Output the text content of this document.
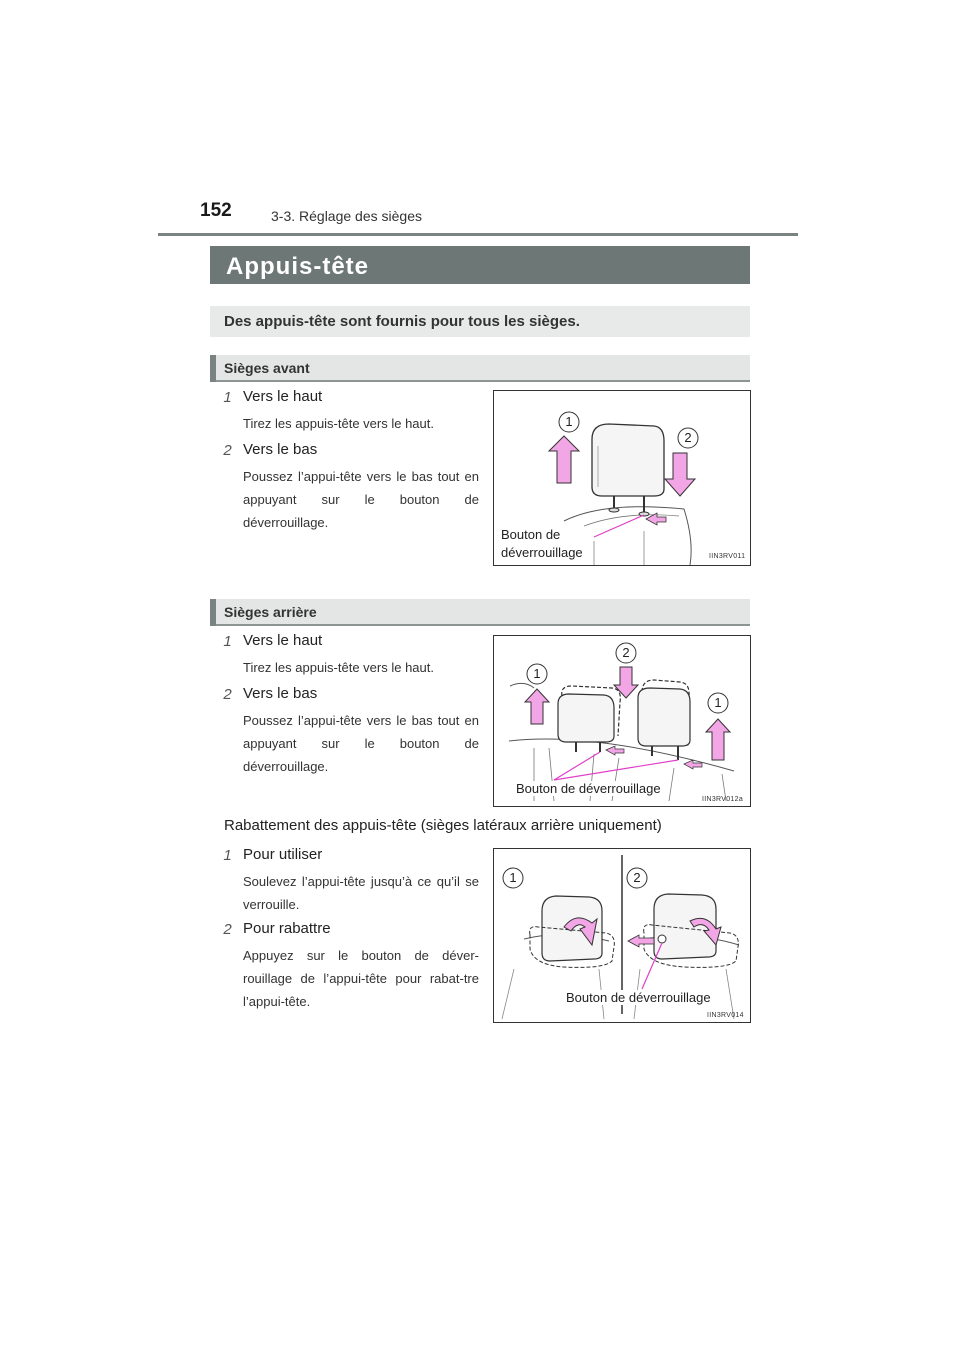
152	3-3. Réglage des sièges
Appuis-tête
Des appuis-tête sont fournis pour tous les sièges.
Sièges avant
1 Vers le haut
Tirez les appuis-tête vers le haut.
2 Vers le bas
Poussez l’appui-tête vers le bas tout en appuyant sur le bouton de déverrouillage.
1
2
Bouton de
déverrouillage	IIN3RV011
Sièges arrière
1 Vers le haut
Tirez les appuis-tête vers le haut.
2 Vers le bas
Poussez l’appui-tête vers le bas tout en appuyant sur le bouton de déverrouillage.
1
2
1
Bouton de déverrouillage
IIN3RV012a
Rabattement des appuis-tête (sièges latéraux arrière uniquement)
1 Pour utiliser
Soulevez l’appui-tête jusqu’à ce qu’il se verrouille.
2 Pour rabattre
Appuyez sur le bouton de déver-rouillage de l’appui-tête pour rabat-tre l’appui-tête.
1	2
Bouton de déverrouillage
IIN3RV014
